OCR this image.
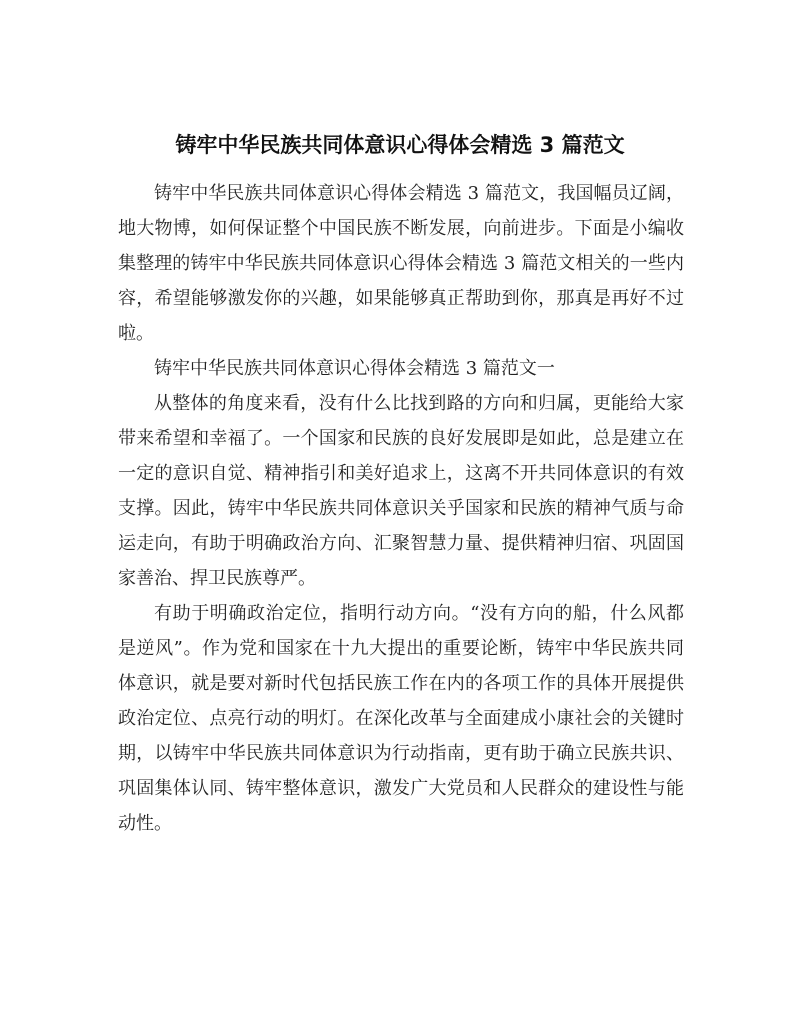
铸牢中华民族共同体意识心得体会精选 3 篇范文

铸牢中华民族共同体意识心得体会精选 3 篇范文，我国幅员辽阔，地大物博，如何保证整个中国民族不断发展，向前进步。下面是小编收集整理的铸牢中华民族共同体意识心得体会精选 3 篇范文相关的一些内容，希望能够激发你的兴趣，如果能够真正帮助到你，那真是再好不过啦。

铸牢中华民族共同体意识心得体会精选 3 篇范文一

从整体的角度来看，没有什么比找到路的方向和归属，更能给大家带来希望和幸福了。一个国家和民族的良好发展即是如此，总是建立在一定的意识自觉、精神指引和美好追求上，这离不开共同体意识的有效支撑。因此，铸牢中华民族共同体意识关乎国家和民族的精神气质与命运走向，有助于明确政治方向、汇聚智慧力量、提供精神归宿、巩固国家善治、捍卫民族尊严。

有助于明确政治定位，指明行动方向。“没有方向的船，什么风都是逆风”。作为党和国家在十九大提出的重要论断，铸牢中华民族共同体意识，就是要对新时代包括民族工作在内的各项工作的具体开展提供政治定位、点亮行动的明灯。在深化改革与全面建成小康社会的关键时期，以铸牢中华民族共同体意识为行动指南，更有助于确立民族共识、巩固集体认同、铸牢整体意识，激发广大党员和人民群众的建设性与能动性。
